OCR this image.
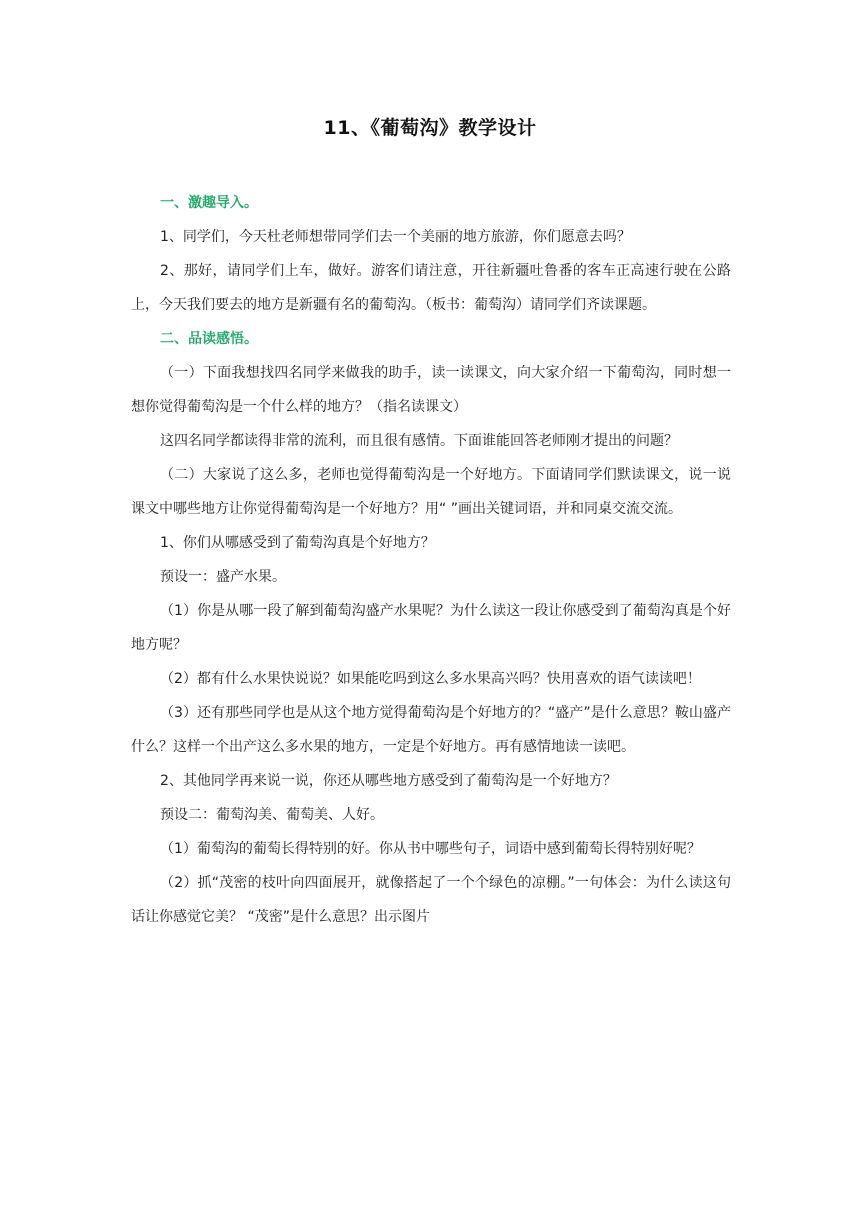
11、《葡萄沟》教学设计

一、激趣导入。

1、同学们，今天杜老师想带同学们去一个美丽的地方旅游，你们愿意去吗？

2、那好，请同学们上车，做好。游客们请注意，开往新疆吐鲁番的客车正高速行驶在公路上，今天我们要去的地方是新疆有名的葡萄沟。（板书：葡萄沟）请同学们齐读课题。

二、品读感悟。

（一）下面我想找四名同学来做我的助手，读一读课文，向大家介绍一下葡萄沟，同时想一想你觉得葡萄沟是一个什么样的地方？（指名读课文）

这四名同学都读得非常的流利，而且很有感情。下面谁能回答老师刚才提出的问题？

（二）大家说了这么多，老师也觉得葡萄沟是一个好地方。下面请同学们默读课文，说一说课文中哪些地方让你觉得葡萄沟是一个好地方？用“ ”画出关键词语，并和同桌交流交流。

1、你们从哪感受到了葡萄沟真是个好地方？

预设一：盛产水果。

（1）你是从哪一段了解到葡萄沟盛产水果呢？为什么读这一段让你感受到了葡萄沟真是个好地方呢？

（2）都有什么水果快说说？如果能吃吗到这么多水果高兴吗？快用喜欢的语气读读吧！

（3）还有那些同学也是从这个地方觉得葡萄沟是个好地方的？“盛产”是什么意思？鞍山盛产什么？这样一个出产这么多水果的地方，一定是个好地方。再有感情地读一读吧。

2、其他同学再来说一说，你还从哪些地方感受到了葡萄沟是一个好地方？

预设二：葡萄沟美、葡萄美、人好。

（1）葡萄沟的葡萄长得特别的好。你从书中哪些句子，词语中感到葡萄长得特别好呢？

（2）抓“茂密的枝叶向四面展开，就像搭起了一个个绿色的凉棚。”一句体会：为什么读这句话让你感觉它美？ “茂密”是什么意思？出示图片
